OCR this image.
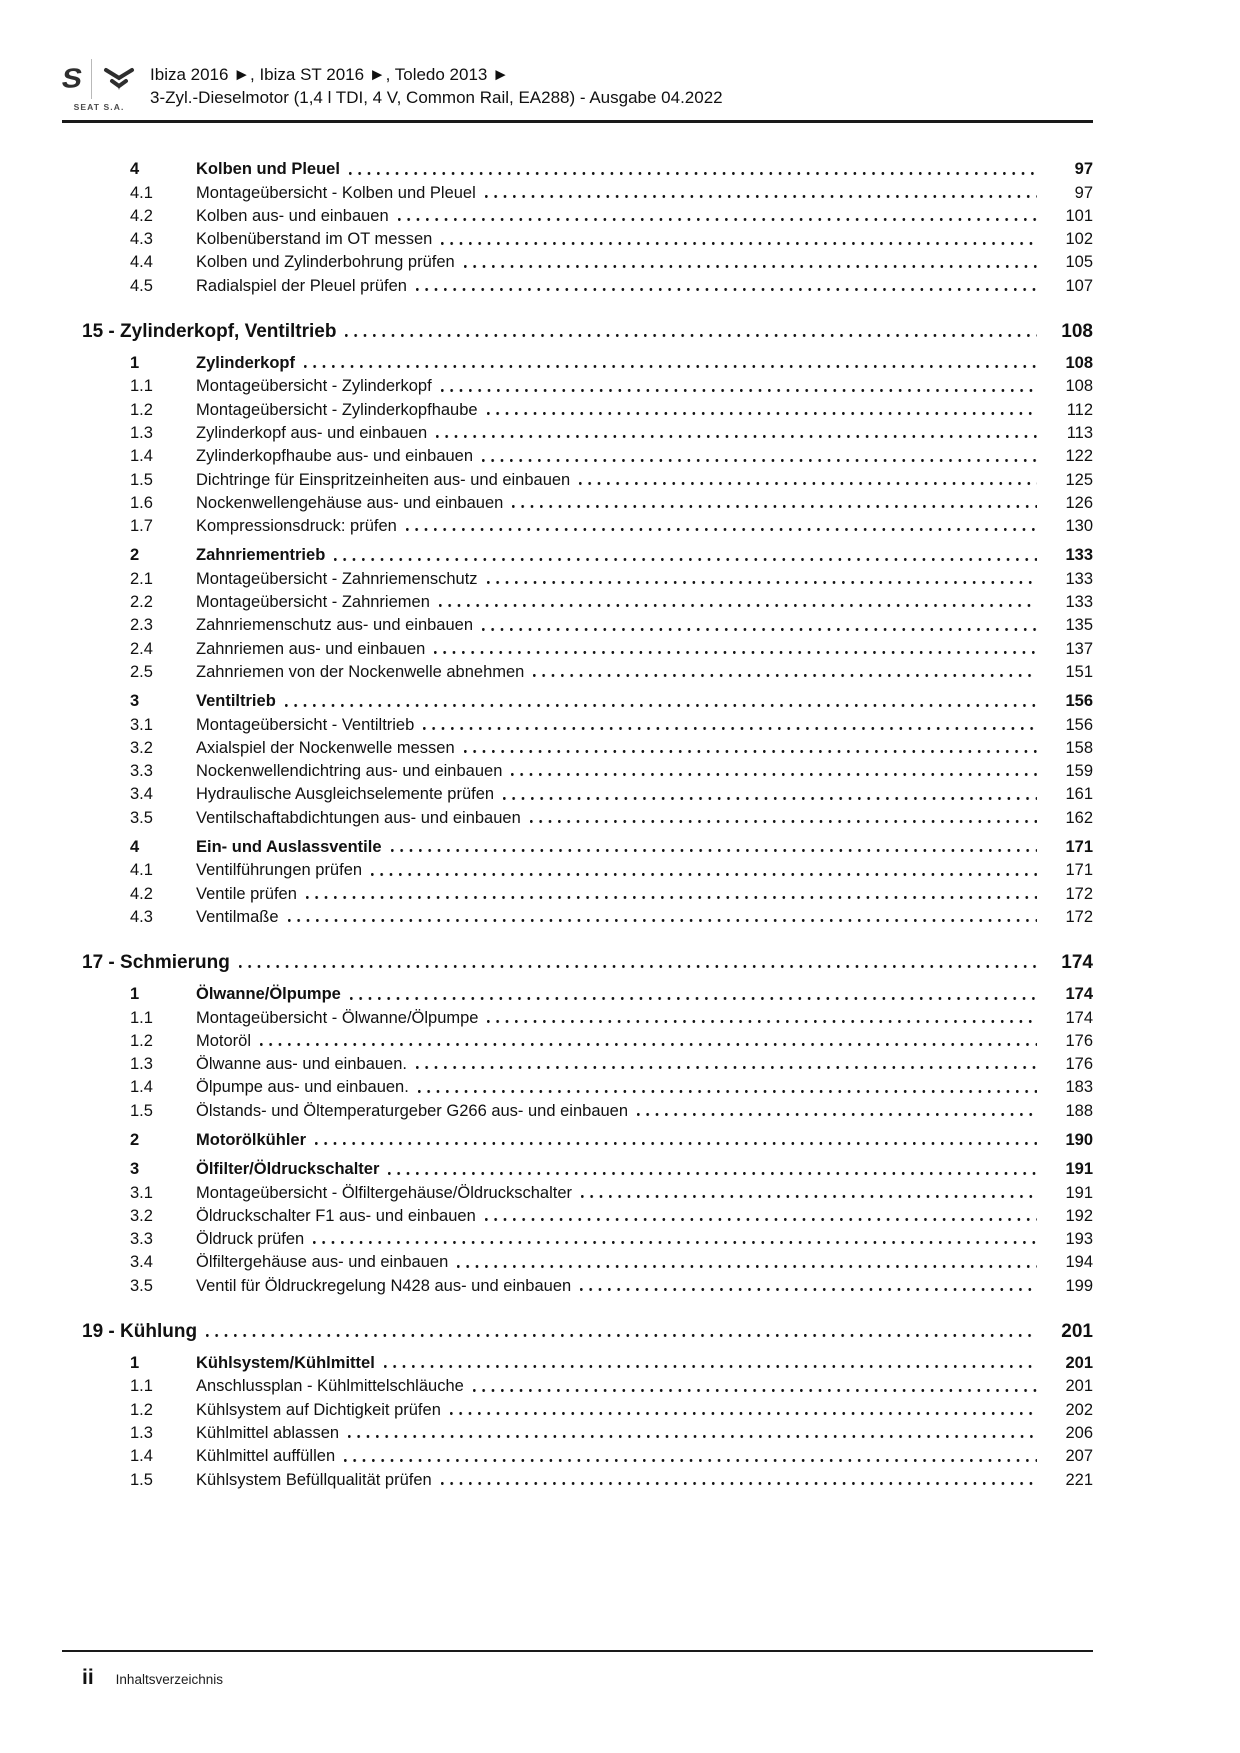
S
SEAT S.A.
Ibiza 2016 ►, Ibiza ST 2016 ►, Toledo 2013 ►
3-Zyl.-Dieselmotor (1,4 l TDI, 4 V, Common Rail, EA288) - Ausgabe 04.2022
4	Kolben und Pleuel	97
4.1	Montageübersicht - Kolben und Pleuel	97
4.2	Kolben aus- und einbauen	101
4.3	Kolbenüberstand im OT messen	102
4.4	Kolben und Zylinderbohrung prüfen	105
4.5	Radialspiel der Pleuel prüfen	107
15 - Zylinderkopf, Ventiltrieb	108
1	Zylinderkopf	108
1.1	Montageübersicht - Zylinderkopf	108
1.2	Montageübersicht - Zylinderkopfhaube	112
1.3	Zylinderkopf aus- und einbauen	113
1.4	Zylinderkopfhaube aus- und einbauen	122
1.5	Dichtringe für Einspritzeinheiten aus- und einbauen	125
1.6	Nockenwellengehäuse aus- und einbauen	126
1.7	Kompressionsdruck: prüfen	130
2	Zahnriementrieb	133
2.1	Montageübersicht - Zahnriemenschutz	133
2.2	Montageübersicht - Zahnriemen	133
2.3	Zahnriemenschutz aus- und einbauen	135
2.4	Zahnriemen aus- und einbauen	137
2.5	Zahnriemen von der Nockenwelle abnehmen	151
3	Ventiltrieb	156
3.1	Montageübersicht - Ventiltrieb	156
3.2	Axialspiel der Nockenwelle messen	158
3.3	Nockenwellendichtring aus- und einbauen	159
3.4	Hydraulische Ausgleichselemente prüfen	161
3.5	Ventilschaftabdichtungen aus- und einbauen	162
4	Ein- und Auslassventile	171
4.1	Ventilführungen prüfen	171
4.2	Ventile prüfen	172
4.3	Ventilmaße	172
17 - Schmierung	174
1	Ölwanne/Ölpumpe	174
1.1	Montageübersicht - Ölwanne/Ölpumpe	174
1.2	Motoröl	176
1.3	Ölwanne aus- und einbauen.	176
1.4	Ölpumpe aus- und einbauen.	183
1.5	Ölstands- und Öltemperaturgeber G266 aus- und einbauen	188
2	Motorölkühler	190
3	Ölfilter/Öldruckschalter	191
3.1	Montageübersicht - Ölfiltergehäuse/Öldruckschalter	191
3.2	Öldruckschalter F1 aus- und einbauen	192
3.3	Öldruck prüfen	193
3.4	Ölfiltergehäuse aus- und einbauen	194
3.5	Ventil für Öldruckregelung N428 aus- und einbauen	199
19 - Kühlung	201
1	Kühlsystem/Kühlmittel	201
1.1	Anschlussplan - Kühlmittelschläuche	201
1.2	Kühlsystem auf Dichtigkeit prüfen	202
1.3	Kühlmittel ablassen	206
1.4	Kühlmittel auffüllen	207
1.5	Kühlsystem Befüllqualität prüfen	221
ii Inhaltsverzeichnis
